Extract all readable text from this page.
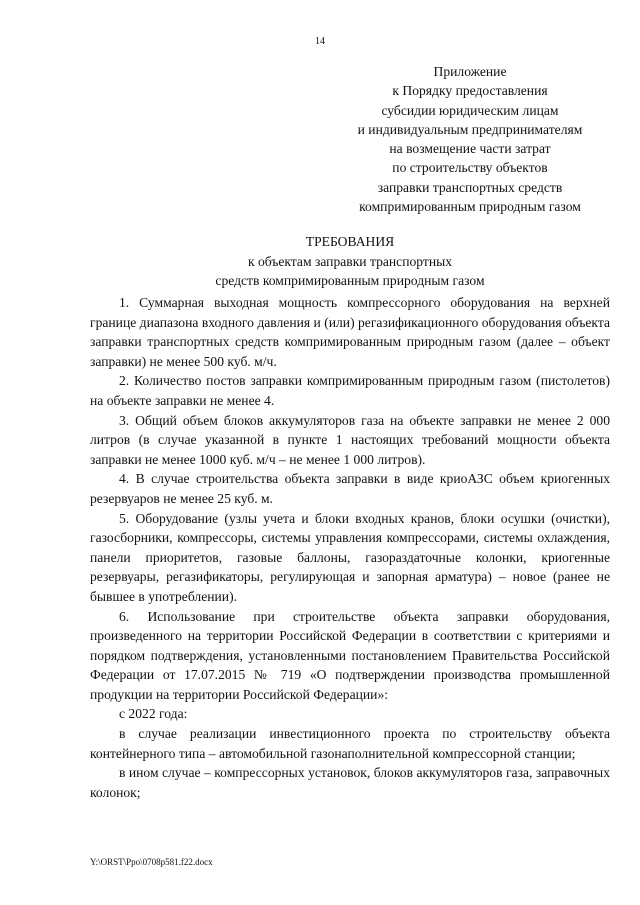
14
Приложение
к Порядку предоставления
субсидии юридическим лицам
и индивидуальным предпринимателям
на возмещение части затрат
по строительству объектов
заправки транспортных средств
компримированным природным газом
ТРЕБОВАНИЯ
к объектам заправки транспортных
средств компримированным природным газом

1. Суммарная выходная мощность компрессорного оборудования на верхней границе диапазона входного давления и (или) регазификационного оборудования объекта заправки транспортных средств компримированным природным газом (далее – объект заправки) не менее 500 куб. м/ч.

2. Количество постов заправки компримированным природным газом (пистолетов) на объекте заправки не менее 4.

3. Общий объем блоков аккумуляторов газа на объекте заправки не менее 2 000 литров (в случае указанной в пункте 1 настоящих требований мощности объекта заправки не менее 1000 куб. м/ч – не менее 1 000 литров).

4. В случае строительства объекта заправки в виде криоАЗС объем криогенных резервуаров не менее 25 куб. м.

5. Оборудование (узлы учета и блоки входных кранов, блоки осушки (очистки), газосборники, компрессоры, системы управления компрессорами, системы охлаждения, панели приоритетов, газовые баллоны, газораздаточные колонки, криогенные резервуары, регазификаторы, регулирующая и запорная арматура) – новое (ранее не бывшее в употреблении).

6. Использование при строительстве объекта заправки оборудования, произведенного на территории Российской Федерации в соответствии с критериями и порядком подтверждения, установленными постановлением Правительства Российской Федерации от 17.07.2015 № 719 «О подтверждении производства промышленной продукции на территории Российской Федерации»:

с 2022 года:

в случае реализации инвестиционного проекта по строительству объекта контейнерного типа – автомобильной газонаполнительной компрессорной станции;

в ином случае – компрессорных установок, блоков аккумуляторов газа, заправочных колонок;

Y:\ORST\Ppo\0708p581.f22.docx
